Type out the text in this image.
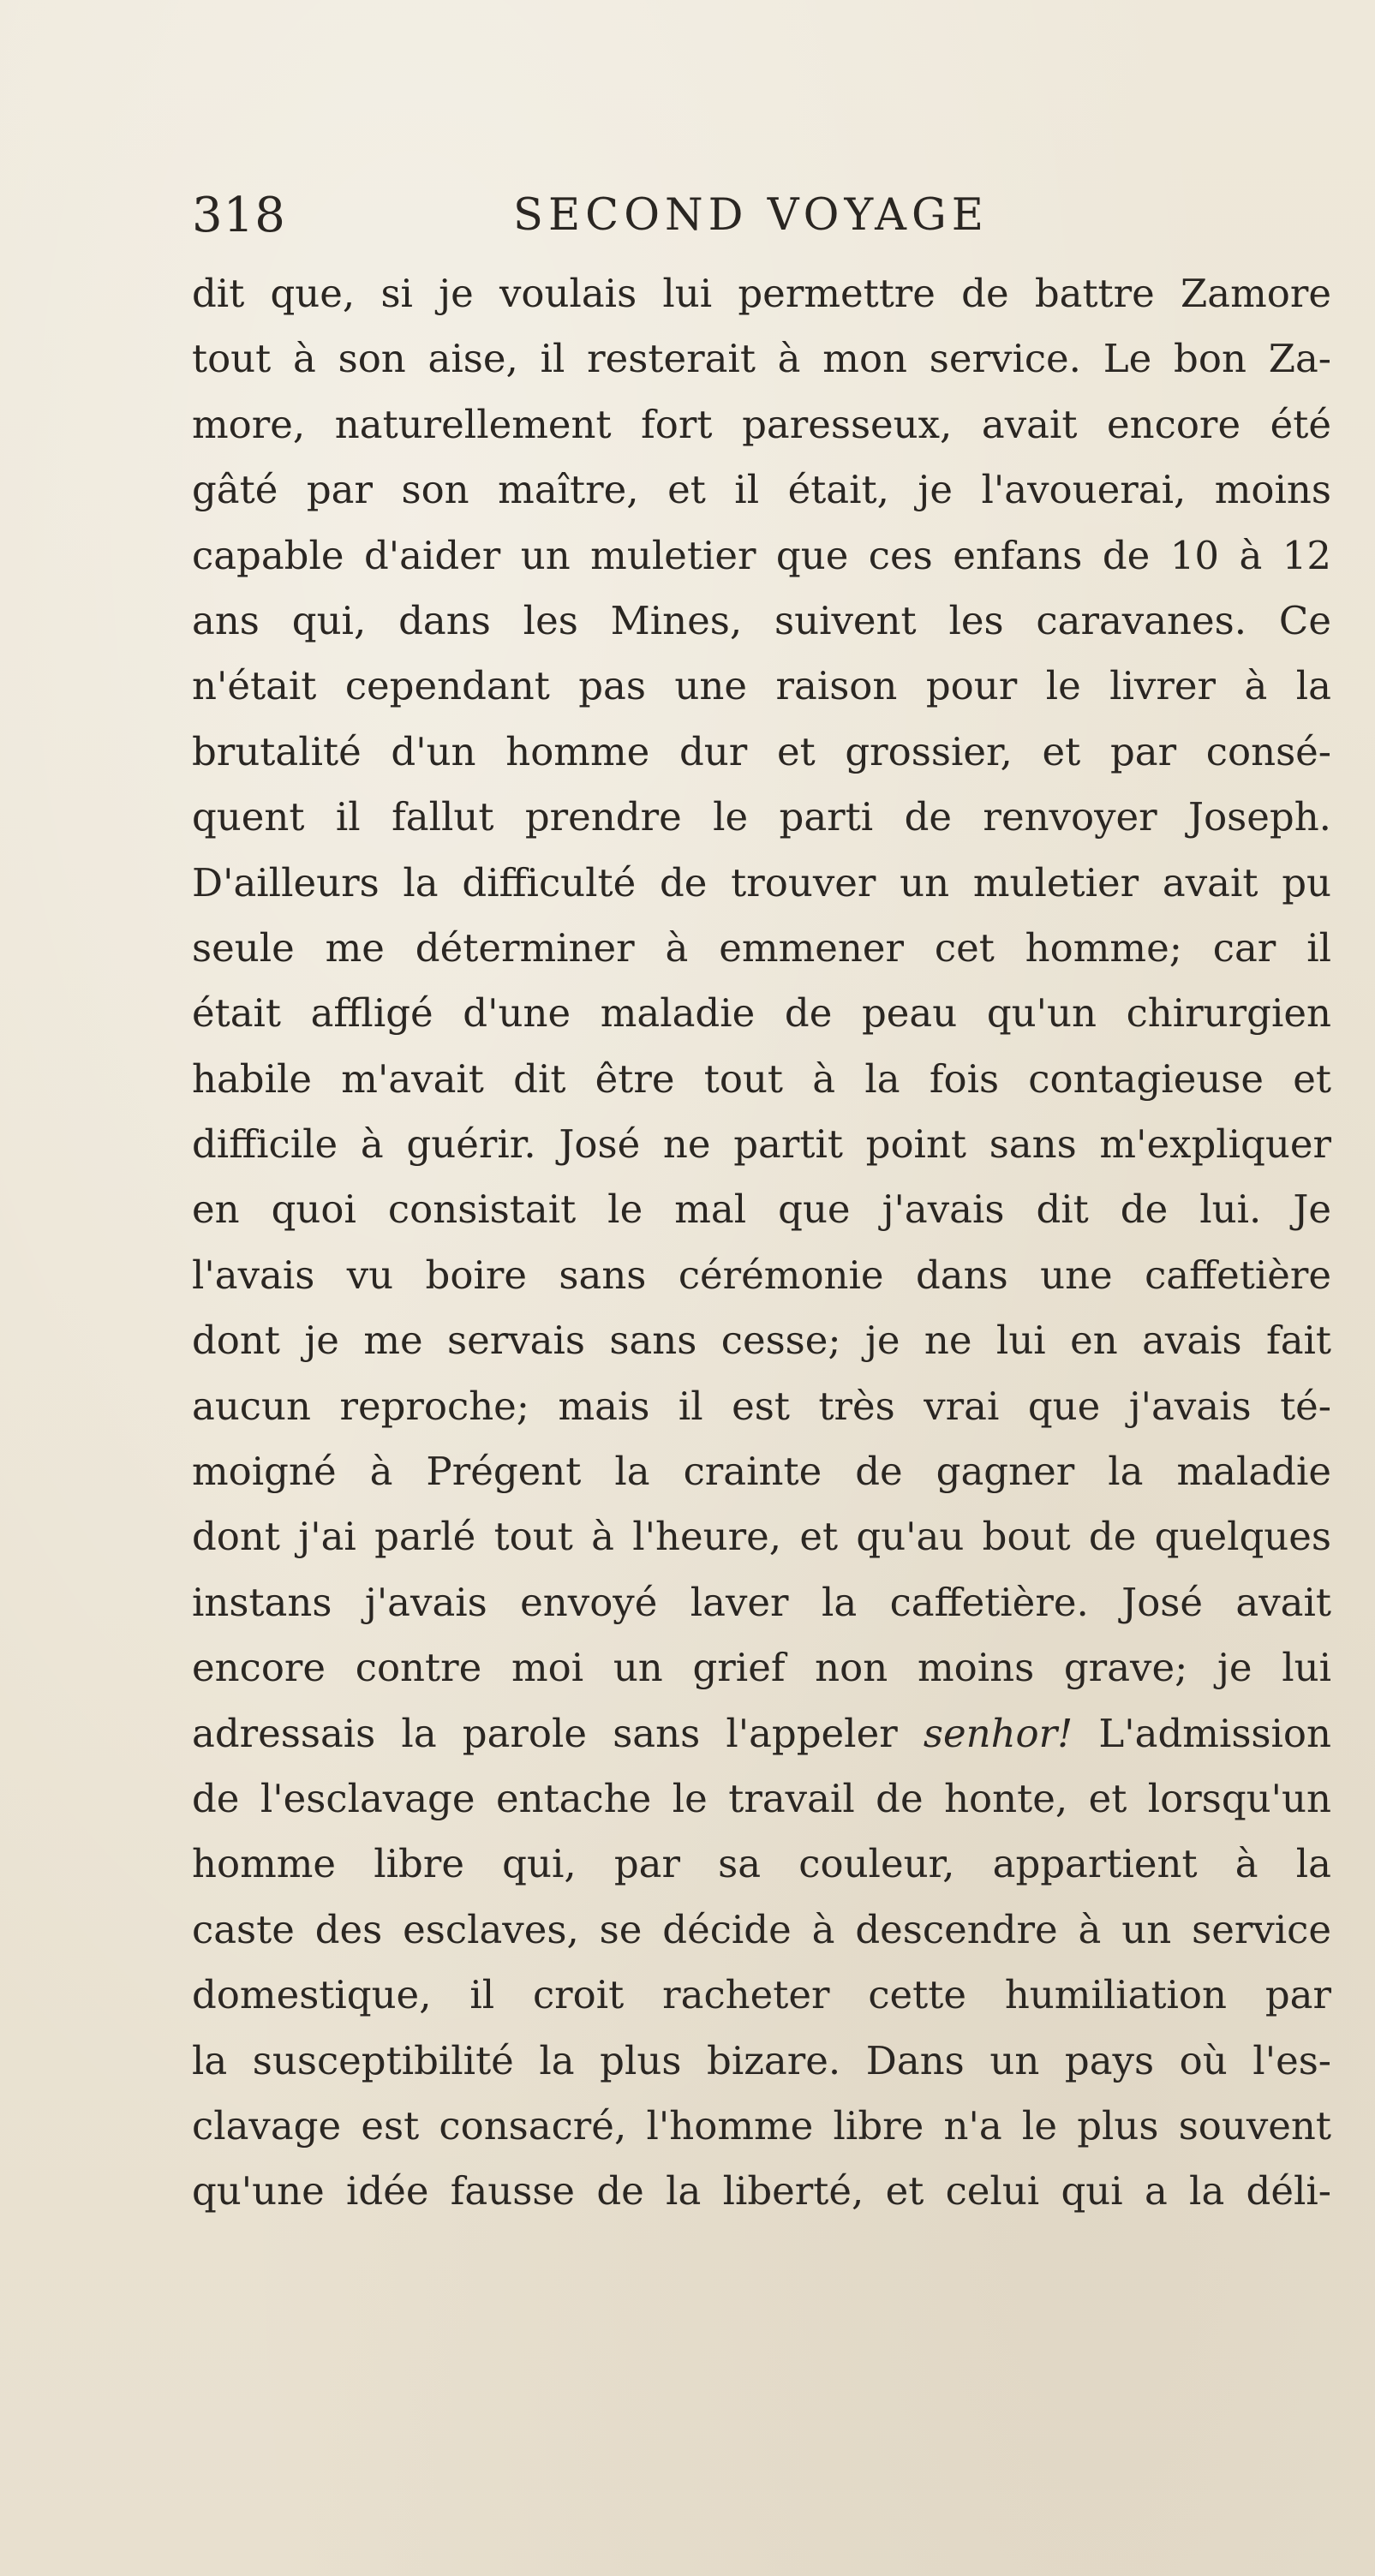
318	SECOND VOYAGE
dit que, si je voulais lui permettre de battre Zamore
tout à son aise, il resterait à mon service. Le bon Za-
more, naturellement fort paresseux, avait encore été
gâté par son maître, et il était, je l'avouerai, moins
capable d'aider un muletier que ces enfans de 10 à 12
ans qui, dans les Mines, suivent les caravanes. Ce
n'était cependant pas une raison pour le livrer à la
brutalité d'un homme dur et grossier, et par consé-
quent il fallut prendre le parti de renvoyer Joseph.
D'ailleurs la difficulté de trouver un muletier avait pu
seule me déterminer à emmener cet homme; car il
était affligé d'une maladie de peau qu'un chirurgien
habile m'avait dit être tout à la fois contagieuse et
difficile à guérir. José ne partit point sans m'expliquer
en quoi consistait le mal que j'avais dit de lui. Je
l'avais vu boire sans cérémonie dans une caffetière
dont je me servais sans cesse; je ne lui en avais fait
aucun reproche; mais il est très vrai que j'avais té-
moigné à Prégent la crainte de gagner la maladie
dont j'ai parlé tout à l'heure, et qu'au bout de quelques
instans j'avais envoyé laver la caffetière. José avait
encore contre moi un grief non moins grave; je lui
adressais la parole sans l'appeler senhor! L'admission
de l'esclavage entache le travail de honte, et lorsqu'un
homme libre qui, par sa couleur, appartient à la
caste des esclaves, se décide à descendre à un service
domestique, il croit racheter cette humiliation par
la susceptibilité la plus bizare. Dans un pays où l'es-
clavage est consacré, l'homme libre n'a le plus souvent
qu'une idée fausse de la liberté, et celui qui a la déli-
